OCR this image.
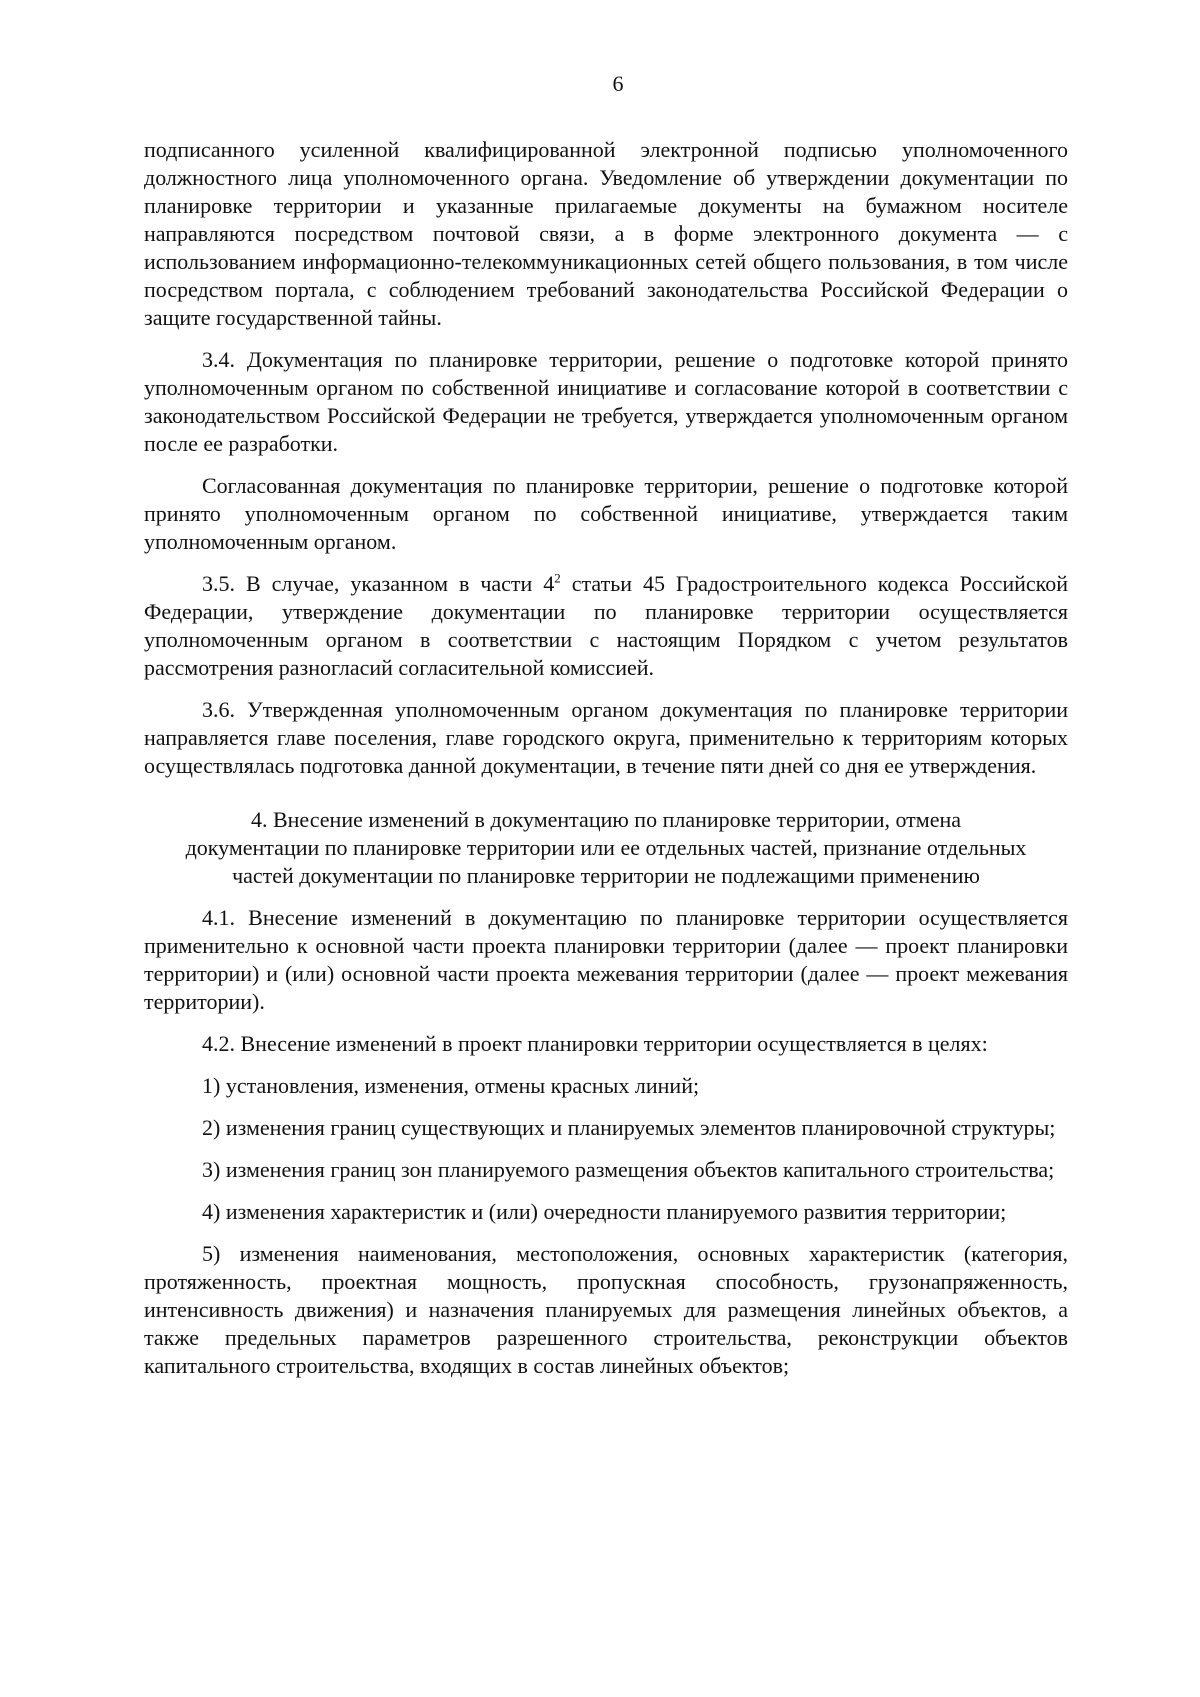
6

подписанного усиленной квалифицированной электронной подписью уполномоченного должностного лица уполномоченного органа. Уведомление об утверждении документации по планировке территории и указанные прилагаемые документы на бумажном носителе направляются посредством почтовой связи, а в форме электронного документа — с использованием информационно-телекоммуникационных сетей общего пользования, в том числе посредством портала, с соблюдением требований законодательства Российской Федерации о защите государственной тайны.

3.4. Документация по планировке территории, решение о подготовке которой принято уполномоченным органом по собственной инициативе и согласование которой в соответствии с законодательством Российской Федерации не требуется, утверждается уполномоченным органом после ее разработки.

Согласованная документация по планировке территории, решение о подготовке которой принято уполномоченным органом по собственной инициативе, утверждается таким уполномоченным органом.

3.5. В случае, указанном в части $4^2$ статьи 45 Градостроительного кодекса Российской Федерации, утверждение документации по планировке территории осуществляется уполномоченным органом в соответствии с настоящим Порядком с учетом результатов рассмотрения разногласий согласительной комиссией.

3.6. Утвержденная уполномоченным органом документация по планировке территории направляется главе поселения, главе городского округа, применительно к территориям которых осуществлялась подготовка данной документации, в течение пяти дней со дня ее утверждения.

4. Внесение изменений в документацию по планировке территории, отмена документации по планировке территории или ее отдельных частей, признание отдельных частей документации по планировке территории не подлежащими применению

4.1. Внесение изменений в документацию по планировке территории осуществляется применительно к основной части проекта планировки территории (далее — проект планировки территории) и (или) основной части проекта межевания территории (далее — проект межевания территории).

4.2. Внесение изменений в проект планировки территории осуществляется в целях:

1) установления, изменения, отмены красных линий;

2) изменения границ существующих и планируемых элементов планировочной структуры;

3) изменения границ зон планируемого размещения объектов капитального строительства;

4) изменения характеристик и (или) очередности планируемого развития территории;

5) изменения наименования, местоположения, основных характеристик (категория, протяженность, проектная мощность, пропускная способность, грузонапряженность, интенсивность движения) и назначения планируемых для размещения линейных объектов, а также предельных параметров разрешенного строительства, реконструкции объектов капитального строительства, входящих в состав линейных объектов;
